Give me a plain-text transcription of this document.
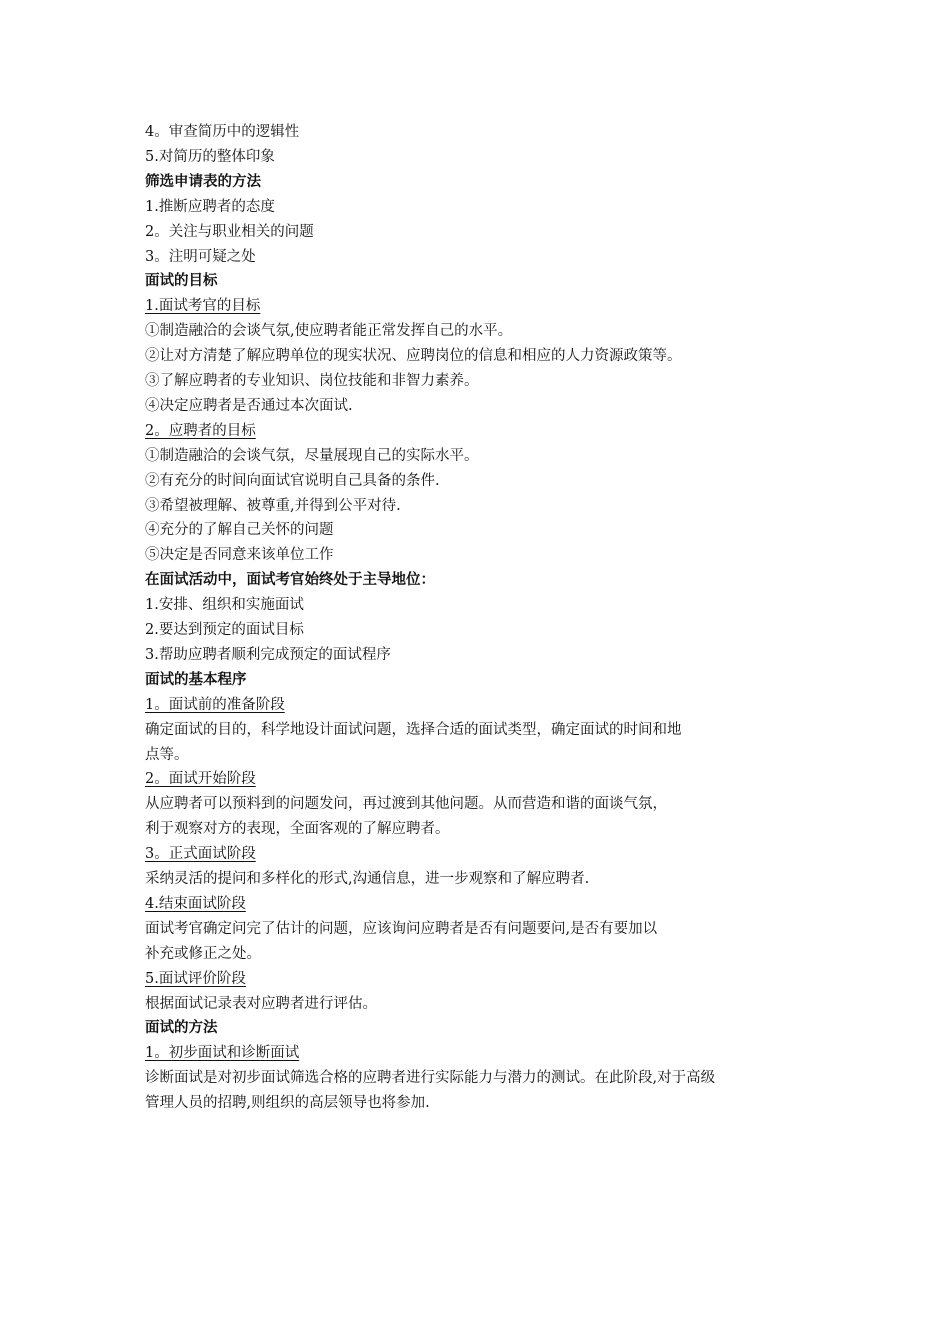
4。审查简历中的逻辑性
5.对简历的整体印象
筛选申请表的方法
1.推断应聘者的态度
2。关注与职业相关的问题
3。注明可疑之处
面试的目标
1.面试考官的目标
①制造融洽的会谈气氛,使应聘者能正常发挥自己的水平。
②让对方清楚了解应聘单位的现实状况、应聘岗位的信息和相应的人力资源政策等。
③了解应聘者的专业知识、岗位技能和非智力素养。
④决定应聘者是否通过本次面试.
2。应聘者的目标
①制造融洽的会谈气氛，尽量展现自己的实际水平。
②有充分的时间向面试官说明自己具备的条件.
③希望被理解、被尊重,并得到公平对待.
④充分的了解自己关怀的问题
⑤决定是否同意来该单位工作
在面试活动中，面试考官始终处于主导地位：
1.安排、组织和实施面试
2.要达到预定的面试目标
3.帮助应聘者顺利完成预定的面试程序
面试的基本程序
1。面试前的准备阶段
确定面试的目的，科学地设计面试问题，选择合适的面试类型，确定面试的时间和地
点等。
2。面试开始阶段
从应聘者可以预料到的问题发问，再过渡到其他问题。从而营造和谐的面谈气氛，
利于观察对方的表现，全面客观的了解应聘者。
3。正式面试阶段
采纳灵活的提问和多样化的形式,沟通信息，进一步观察和了解应聘者.
4.结束面试阶段
面试考官确定问完了估计的问题，应该询问应聘者是否有问题要问,是否有要加以
补充或修正之处。
5.面试评价阶段
根据面试记录表对应聘者进行评估。
面试的方法
1。初步面试和诊断面试
诊断面试是对初步面试筛选合格的应聘者进行实际能力与潜力的测试。在此阶段,对于高级
管理人员的招聘,则组织的高层领导也将参加.
